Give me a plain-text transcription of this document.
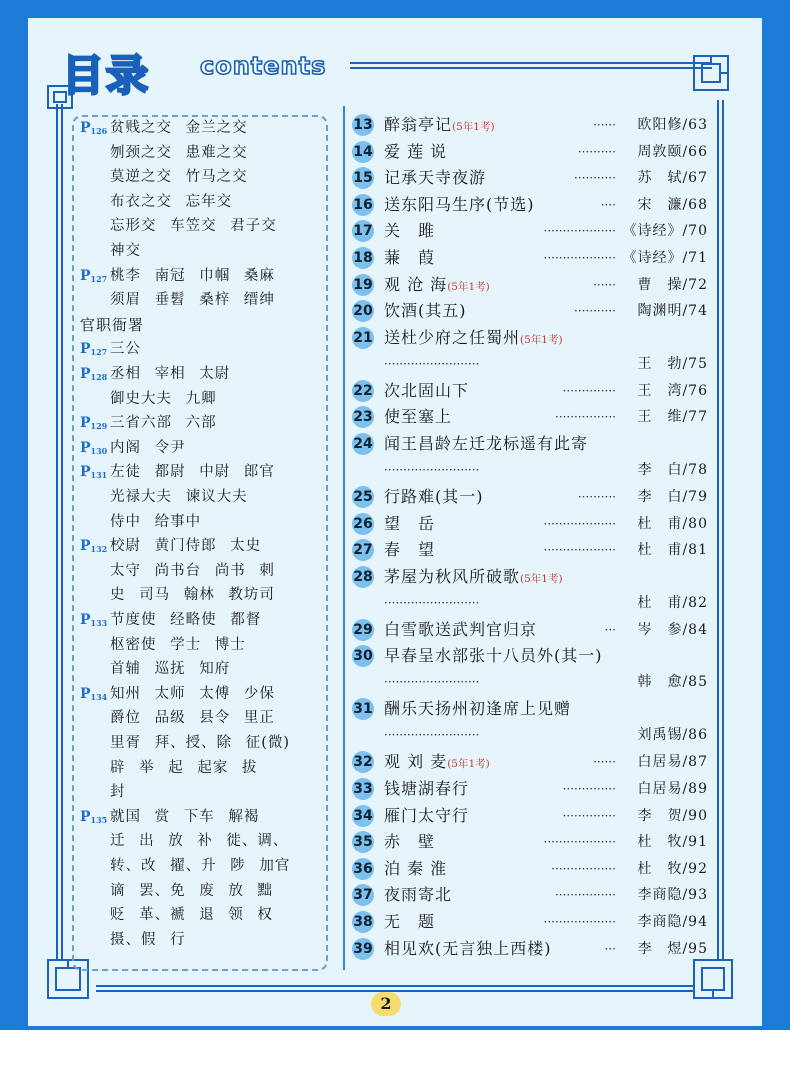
目录 contents
$P_{126}$ 贫贱之交 金兰之交
刎颈之交 患难之交
莫逆之交 竹马之交
布衣之交 忘年交
忘形交 车笠交 君子交
神交
$P_{127}$ 桃李 南冠 巾帼 桑麻
须眉 垂髫 桑梓 缙绅
官职衙署
$P_{127}$ 三公
$P_{128}$ 丞相 宰相 太尉
御史大夫 九卿
$P_{129}$ 三省六部 六部
$P_{130}$ 内阁 令尹
$P_{131}$ 左徒 都尉 中尉 郎官
光禄大夫 谏议大夫
侍中 给事中
$P_{132}$ 校尉 黄门侍郎 太史
太守 尚书台 尚书 刺
史 司马 翰林 教坊司
$P_{133}$ 节度使 经略使 都督
枢密使 学士 博士
首辅 巡抚 知府
$P_{134}$ 知州 太师 太傅 少保
爵位 品级 县令 里正
里胥 拜、授、除 征(微)
辟 举 起 起家 拔
封
$P_{135}$ 就国 赏 下车 解褐
迁 出 放 补 徙、调、
转、改 擢、升 陟 加官
谪 罢、免 废 放 黜
贬 革、褫 退 领 权
摄、假 行
13 醉翁亭记(5年1考)	······ 欧阳修/63
14 爱 莲 说	·········· 周敦颐/66
15 记承天寺夜游	··········· 苏　轼/67
16 送东阳马生序(节选)	···· 宋　濂/68
17 关　雎	··················· 《诗经》/70
18 蒹　葭	··················· 《诗经》/71
19 观 沧 海(5年1考)	······ 曹　操/72
20 饮酒(其五)	··········· 陶渊明/74
21 送杜少府之任蜀州(5年1考)
·························	王　勃/75
22 次北固山下	·············· 王　湾/76
23 使至塞上	················ 王　维/77
24 闻王昌龄左迁龙标遥有此寄
·························	李　白/78
25 行路难(其一)	·········· 李　白/79
26 望　岳	··················· 杜　甫/80
27 春　望	··················· 杜　甫/81
28 茅屋为秋风所破歌(5年1考)
·························	杜　甫/82
29 白雪歌送武判官归京	··· 岑　参/84
30 早春呈水部张十八员外(其一)
·························	韩　愈/85
31 酬乐天扬州初逢席上见赠
·························	刘禹锡/86
32 观 刘 麦(5年1考)	······ 白居易/87
33 钱塘湖春行	·············· 白居易/89
34 雁门太守行	·············· 李　贺/90
35 赤　壁	··················· 杜　牧/91
36 泊 秦 淮	················· 杜　牧/92
37 夜雨寄北	················ 李商隐/93
38 无　题	··················· 李商隐/94
39 相见欢(无言独上西楼)	··· 李　煜/95
2
